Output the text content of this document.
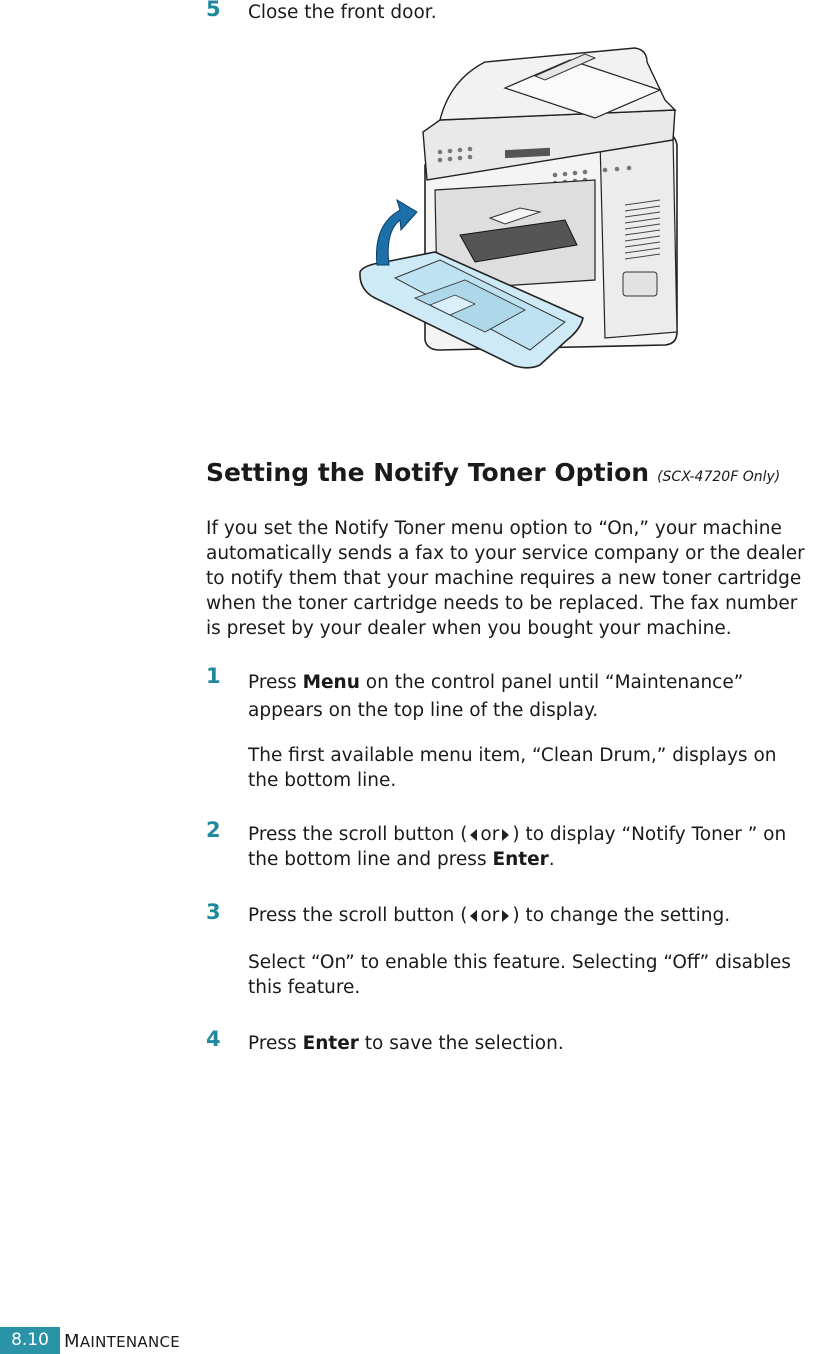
5 Close the front door.
Setting the Notify Toner Option (SCX-4720F Only)
If you set the Notify Toner menu option to “On,” your machine
automatically sends a fax to your service company or the dealer
to notify them that your machine requires a new toner cartridge
when the toner cartridge needs to be replaced. The fax number
is preset by your dealer when you bought your machine.
1 Press Menu on the control panel until “Maintenance”
appears on the top line of the display.
The first available menu item, “Clean Drum,” displays on
the bottom line.
2 Press the scroll button ( or ) to display “Notify Toner ” on
the bottom line and press Enter.
3 Press the scroll button ( or ) to change the setting.
Select “On” to enable this feature. Selecting “Off” disables
this feature.
4 Press Enter to save the selection.
8.10 MAINTENANCE
